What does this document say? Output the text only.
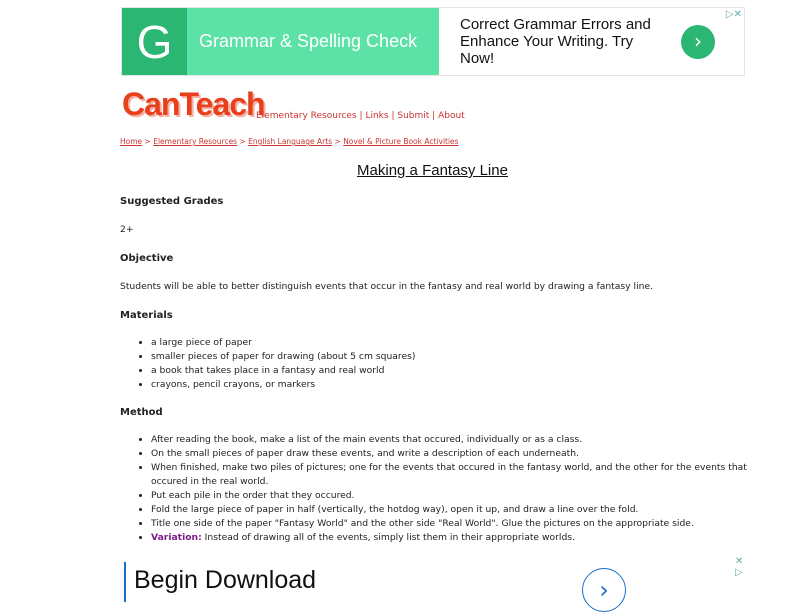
G	Grammar & Spelling Check
Correct Grammar Errors and Enhance Your Writing. Try Now!
›
▷✕
CanTeach
Elementary Resources | Links | Submit | About
Home > Elementary Resources > English Language Arts > Novel & Picture Book Activities
Making a Fantasy Line
Suggested Grades

2+

Objective

Students will be able to better distinguish events that occur in the fantasy and real world by drawing a fantasy line.

Materials
• a large piece of paper
• smaller pieces of paper for drawing (about 5 cm squares)
• a book that takes place in a fantasy and real world
• crayons, pencil crayons, or markers
Method
• After reading the book, make a list of the main events that occured, individually or as a class.
• On the small pieces of paper draw these events, and write a description of each underneath.
• When finished, make two piles of pictures; one for the events that occured in the fantasy world, and the other for the events that occured in the real world.
• Put each pile in the order that they occured.
• Fold the large piece of paper in half (vertically, the hotdog way), open it up, and draw a line over the fold.
• Title one side of the paper "Fantasy World" and the other side "Real World". Glue the pictures on the appropriate side.
• Variation: Instead of drawing all of the events, simply list them in their appropriate worlds.
Begin Download	›
✕ ▷
